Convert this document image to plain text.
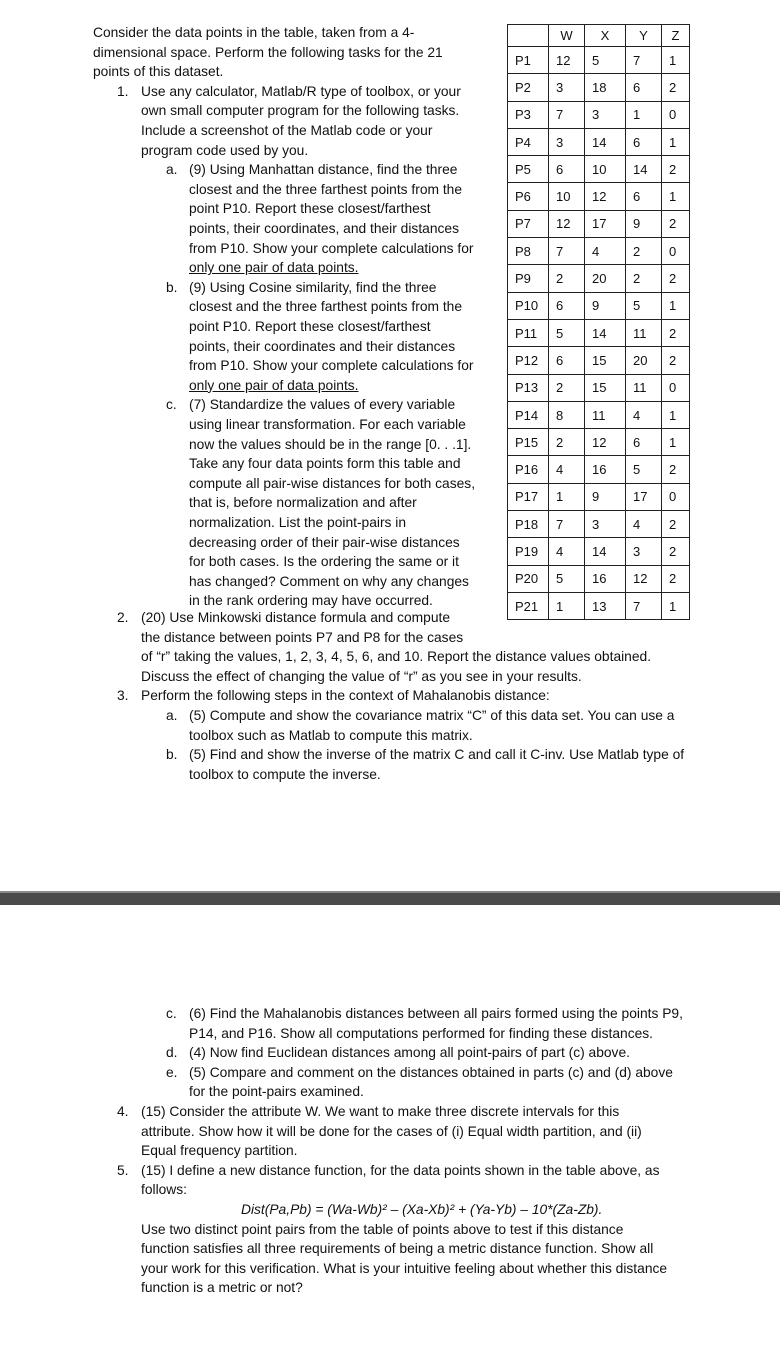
Consider the data points in the table, taken from a 4-
dimensional space. Perform the following tasks for the 21
points of this dataset.
1. Use any calculator, Matlab/R type of toolbox, or your
own small computer program for the following tasks.
Include a screenshot of the Matlab code or your
program code used by you.
a. (9) Using Manhattan distance, find the three
closest and the three farthest points from the
point P10. Report these closest/farthest
points, their coordinates, and their distances
from P10. Show your complete calculations for
only one pair of data points.
b. (9) Using Cosine similarity, find the three
closest and the three farthest points from the
point P10. Report these closest/farthest
points, their coordinates and their distances
from P10. Show your complete calculations for
only one pair of data points.
c. (7) Standardize the values of every variable
using linear transformation. For each variable
now the values should be in the range [0. . .1].
Take any four data points form this table and
compute all pair-wise distances for both cases,
that is, before normalization and after
normalization. List the point-pairs in
decreasing order of their pair-wise distances
for both cases. Is the ordering the same or it
has changed? Comment on why any changes
in the rank ordering may have occurred.
2. (20) Use Minkowski distance formula and compute
the distance between points P7 and P8 for the cases
of “r” taking the values, 1, 2, 3, 4, 5, 6, and 10. Report the distance values obtained.
Discuss the effect of changing the value of “r” as you see in your results.
3. Perform the following steps in the context of Mahalanobis distance:
a. (5) Compute and show the covariance matrix “C” of this data set. You can use a
toolbox such as Matlab to compute this matrix.
b. (5) Find and show the inverse of the matrix C and call it C-inv. Use Matlab type of
toolbox to compute the inverse.
	W	X	Y	Z
P1	12	5	7	1
P2	3	18	6	2
P3	7	3	1	0
P4	3	14	6	1
P5	6	10	14	2
P6	10	12	6	1
P7	12	17	9	2
P8	7	4	2	0
P9	2	20	2	2
P10	6	9	5	1
P11	5	14	11	2
P12	6	15	20	2
P13	2	15	11	0
P14	8	11	4	1
P15	2	12	6	1
P16	4	16	5	2
P17	1	9	17	0
P18	7	3	4	2
P19	4	14	3	2
P20	5	16	12	2
P21	1	13	7	1
c. (6) Find the Mahalanobis distances between all pairs formed using the points P9,
P14, and P16. Show all computations performed for finding these distances.
d. (4) Now find Euclidean distances among all point-pairs of part (c) above.
e. (5) Compare and comment on the distances obtained in parts (c) and (d) above
for the point-pairs examined.
4. (15) Consider the attribute W. We want to make three discrete intervals for this
attribute. Show how it will be done for the cases of (i) Equal width partition, and (ii)
Equal frequency partition.
5. (15) I define a new distance function, for the data points shown in the table above, as
follows:
Dist(Pa,Pb) = (Wa-Wb)² – (Xa-Xb)² + (Ya-Yb) – 10*(Za-Zb).
Use two distinct point pairs from the table of points above to test if this distance
function satisfies all three requirements of being a metric distance function. Show all
your work for this verification. What is your intuitive feeling about whether this distance
function is a metric or not?
